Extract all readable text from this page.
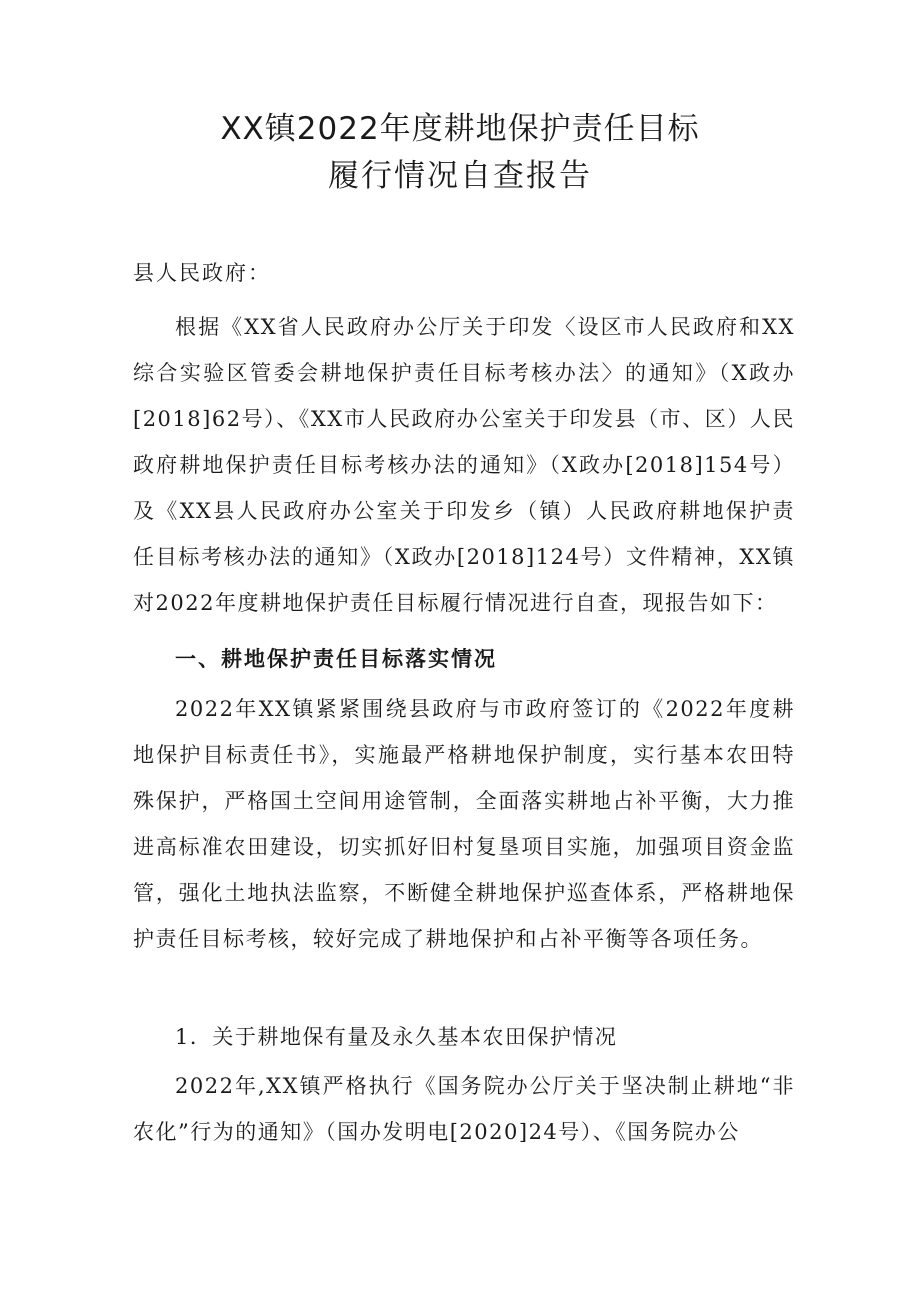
XX镇2022年度耕地保护责任目标
履行情况自查报告
县人民政府：

根据《XX省人民政府办公厅关于印发〈设区市人民政府和XX综合实验区管委会耕地保护责任目标考核办法〉的通知》（X政办[2018]62号）、《XX市人民政府办公室关于印发县（市、区）人民政府耕地保护责任目标考核办法的通知》（X政办[2018]154号）及《XX县人民政府办公室关于印发乡（镇）人民政府耕地保护责任目标考核办法的通知》（X政办[2018]124号）文件精神，XX镇对2022年度耕地保护责任目标履行情况进行自查，现报告如下：

一、耕地保护责任目标落实情况

2022年XX镇紧紧围绕县政府与市政府签订的《2022年度耕地保护目标责任书》，实施最严格耕地保护制度，实行基本农田特殊保护，严格国土空间用途管制，全面落实耕地占补平衡，大力推进高标准农田建设，切实抓好旧村复垦项目实施，加强项目资金监管，强化土地执法监察，不断健全耕地保护巡查体系，严格耕地保护责任目标考核，较好完成了耕地保护和占补平衡等各项任务。

1．关于耕地保有量及永久基本农田保护情况

2022年,XX镇严格执行《国务院办公厅关于坚决制止耕地“非农化”行为的通知》（国办发明电[2020]24号）、《国务院办公
